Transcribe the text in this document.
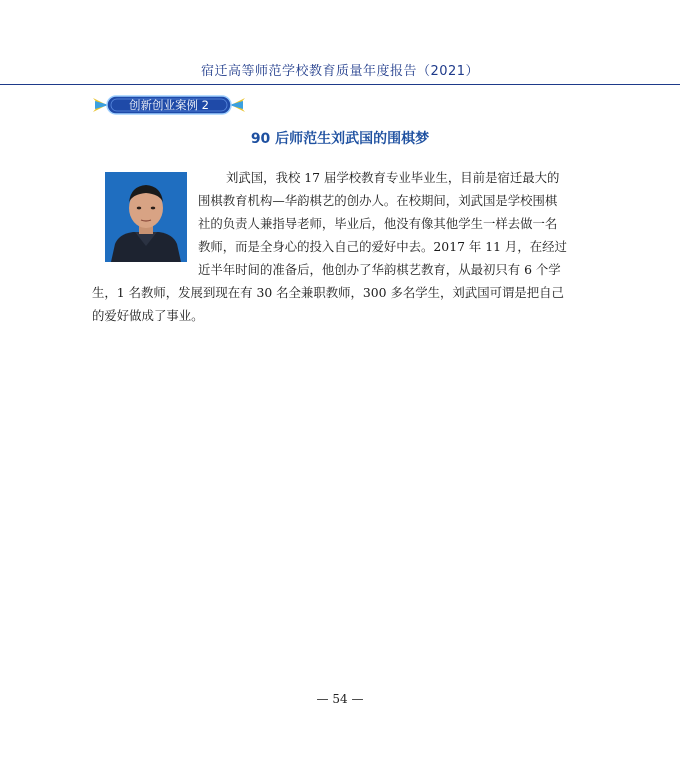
宿迁高等师范学校教育质量年度报告（2021）
创新创业案例 2
90 后师范生刘武国的围棋梦
刘武国，我校 17 届学校教育专业毕业生，目前是宿迁最大的
围棋教育机构—华韵棋艺的创办人。在校期间，刘武国是学校围棋
社的负责人兼指导老师，毕业后，他没有像其他学生一样去做一名
教师，而是全身心的投入自己的爱好中去。2017 年 11 月，在经过
近半年时间的准备后，他创办了华韵棋艺教育，从最初只有 6 个学
生，1 名教师，发展到现在有 30 名全兼职教师，300 多名学生，刘武国可谓是把自己
的爱好做成了事业。
— 54 —
